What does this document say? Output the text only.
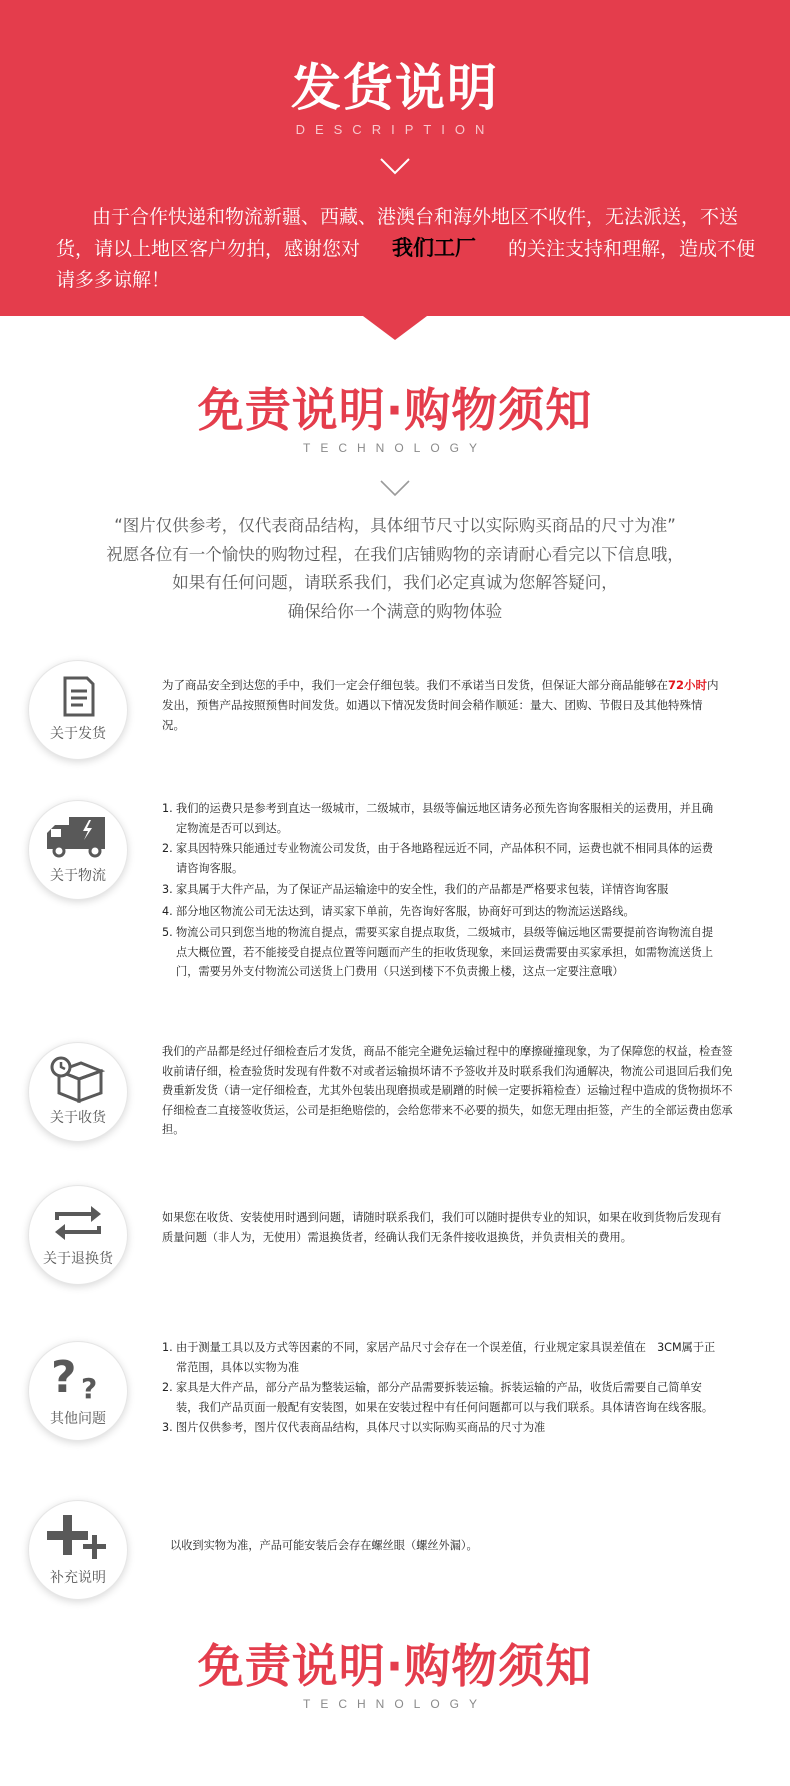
发货说明
DESCRIPTION
由于合作快递和物流新疆、西藏、港澳台和海外地区不收件，无法派送，不送货，请以上地区客户勿拍，感谢您对 我们工厂 的关注支持和理解，造成不便请多多谅解！
免责说明·购物须知
TECHNOLOGY

“图片仅供参考，仅代表商品结构，具体细节尺寸以实际购买商品的尺寸为准”

祝愿各位有一个愉快的购物过程，在我们店铺购物的亲请耐心看完以下信息哦，

如果有任何问题，请联系我们，我们必定真诚为您解答疑问，

确保给你一个满意的购物体验

关于发货
为了商品安全到达您的手中，我们一定会仔细包装。我们不承诺当日发货，但保证大部分商品能够在72小时内发出，预售产品按照预售时间发货。如遇以下情况发货时间会稍作顺延：量大、团购、节假日及其他特殊情况。
关于物流
1. 我们的运费只是参考到直达一级城市，二级城市，县级等偏远地区请务必预先咨询客服相关的运费用，并且确定物流是否可以到达。
2. 家具因特殊只能通过专业物流公司发货，由于各地路程远近不同，产品体积不同，运费也就不相同具体的运费请咨询客服。
3. 家具属于大件产品，为了保证产品运输途中的安全性，我们的产品都是严格要求包装，详情咨询客服
4. 部分地区物流公司无法达到，请买家下单前，先咨询好客服，协商好可到达的物流运送路线。
5. 物流公司只到您当地的物流自提点，需要买家自提点取货，二级城市，县级等偏远地区需要提前咨询物流自提点大概位置，若不能接受自提点位置等问题而产生的拒收货现象，来回运费需要由买家承担，如需物流送货上门，需要另外支付物流公司送货上门费用（只送到楼下不负责搬上楼，这点一定要注意哦）
关于收货
我们的产品都是经过仔细检查后才发货，商品不能完全避免运输过程中的摩擦碰撞现象，为了保障您的权益，检查签收前请仔细，检查验货时发现有件数不对或者运输损坏请不予签收并及时联系我们沟通解决，物流公司退回后我们免费重新发货（请一定仔细检查，尤其外包装出现磨损或是刷蹭的时候一定要拆箱检查）运输过程中造成的货物损坏不仔细检查二直接签收货运，公司是拒绝赔偿的，会给您带来不必要的损失，如您无理由拒签，产生的全部运费由您承担。
关于退换货
如果您在收货、安装使用时遇到问题，请随时联系我们，我们可以随时提供专业的知识，如果在收到货物后发现有质量问题（非人为，无使用）需退换货者，经确认我们无条件接收退换货，并负责相关的费用。
? ?
其他问题
1. 由于测量工具以及方式等因素的不同，家居产品尺寸会存在一个误差值，行业规定家具误差值在　3CM属于正常范围，具体以实物为准
2. 家具是大件产品，部分产品为整装运输，部分产品需要拆装运输。拆装运输的产品，收货后需要自己简单安装，我们产品页面一般配有安装图，如果在安装过程中有任何问题都可以与我们联系。具体请咨询在线客服。
3. 图片仅供参考，图片仅代表商品结构，具体尺寸以实际购买商品的尺寸为准
补充说明
以收到实物为准，产品可能安装后会存在螺丝眼（螺丝外漏）。
免责说明·购物须知
TECHNOLOGY
